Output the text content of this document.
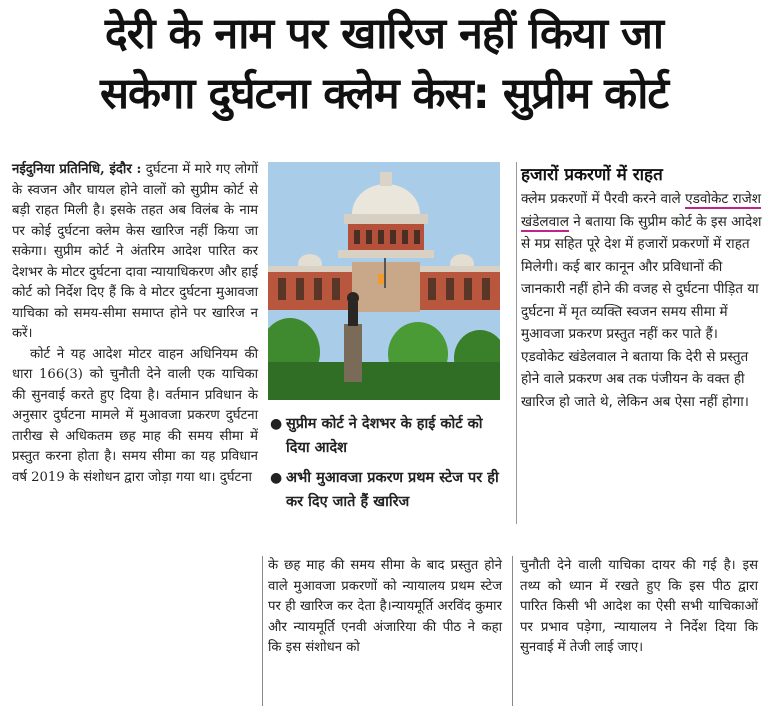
देरी के नाम पर खारिज नहीं किया जा
सकेगा दुर्घटना क्लेम केस: सुप्रीम कोर्ट

नईदुनिया प्रतिनिधि, इंदौर : दुर्घटना में मारे गए लोगों के स्वजन और घायल होने वालों को सुप्रीम कोर्ट से बड़ी राहत मिली है। इसके तहत अब विलंब के नाम पर कोई दुर्घटना क्लेम केस खारिज नहीं किया जा सकेगा। सुप्रीम कोर्ट ने अंतरिम आदेश पारित कर देशभर के मोटर दुर्घटना दावा न्यायाधिकरण और हाई कोर्ट को निर्देश दिए हैं कि वे मोटर दुर्घटना मुआवजा याचिका को समय-सीमा समाप्त होने पर खारिज न करें।

कोर्ट ने यह आदेश मोटर वाहन अधिनियम की धारा 166(3) को चुनौती देने वाली एक याचिका की सुनवाई करते हुए दिया है। वर्तमान प्रविधान के अनुसार दुर्घटना मामले में मुआवजा प्रकरण दुर्घटना तारीख से अधिकतम छह माह की समय सीमा में प्रस्तुत करना होता है। समय सीमा का यह प्रविधान वर्ष 2019 के संशोधन द्वारा जोड़ा गया था। दुर्घटना

● सुप्रीम कोर्ट ने देशभर के हाई कोर्ट को दिया आदेश
● अभी मुआवजा प्रकरण प्रथम स्टेज पर ही कर दिए जाते हैं खारिज
हजारों प्रकरणों में राहत
क्लेम प्रकरणों में पैरवी करने वाले एडवोकेट राजेश खंडेलवाल ने बताया कि सुप्रीम कोर्ट के इस आदेश से मप्र सहित पूरे देश में हजारों प्रकरणों में राहत मिलेगी। कई बार कानून और प्रविधानों की जानकारी नहीं होने की वजह से दुर्घटना पीड़ित या दुर्घटना में मृत व्यक्ति स्वजन समय सीमा में मुआवजा प्रकरण प्रस्तुत नहीं कर पाते हैं। एडवोकेट खंडेलवाल ने बताया कि देरी से प्रस्तुत होने वाले प्रकरण अब तक पंजीयन के वक्त ही खारिज हो जाते थे, लेकिन अब ऐसा नहीं होगा।

के छह माह की समय सीमा के बाद प्रस्तुत होने वाले मुआवजा प्रकरणों को न्यायालय प्रथम स्टेज पर ही खारिज कर देता है।न्यायमूर्ति अरविंद कुमार और न्यायमूर्ति एनवी अंजारिया की पीठ ने कहा कि इस संशोधन को

चुनौती देने वाली याचिका दायर की गई है। इस तथ्य को ध्यान में रखते हुए कि इस पीठ द्वारा पारित किसी भी आदेश का ऐसी सभी याचिकाओं पर प्रभाव पड़ेगा, न्यायालय ने निर्देश दिया कि सुनवाई में तेजी लाई जाए।
